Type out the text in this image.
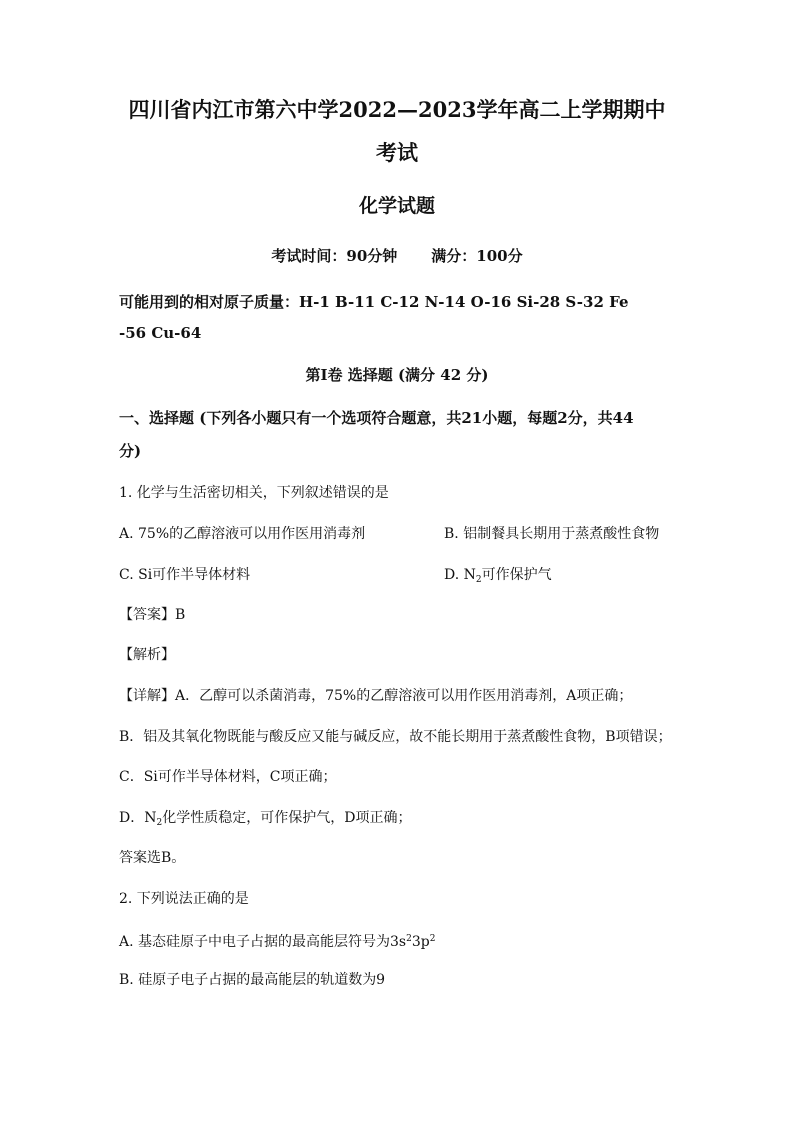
四川省内江市第六中学2022—2023学年高二上学期期中
考试
化学试题
考试时间：90分钟 满分：100分
可能用到的相对原子质量：H-1 B-11 C-12 N-14 O-16 Si-28 S-32 Fe
-56 Cu-64
第I卷 选择题 (满分 42 分)
一、选择题 (下列各小题只有一个选项符合题意，共21小题，每题2分，共44
分)
1. 化学与生活密切相关，下列叙述错误的是
A. 75%的乙醇溶液可以用作医用消毒剂	B. 铝制餐具长期用于蒸煮酸性食物
C. Si可作半导体材料	D. $N_2$可作保护气
【答案】B
【解析】
【详解】A．乙醇可以杀菌消毒，75%的乙醇溶液可以用作医用消毒剂，A项正确；
B．铝及其氧化物既能与酸反应又能与碱反应，故不能长期用于蒸煮酸性食物，B项错误；
C．Si可作半导体材料，C项正确；
D．$N_2$化学性质稳定，可作保护气，D项正确；
答案选B。
2. 下列说法正确的是
A. 基态硅原子中电子占据的最高能层符号为$3s^23p^2$
B. 硅原子电子占据的最高能层的轨道数为9
